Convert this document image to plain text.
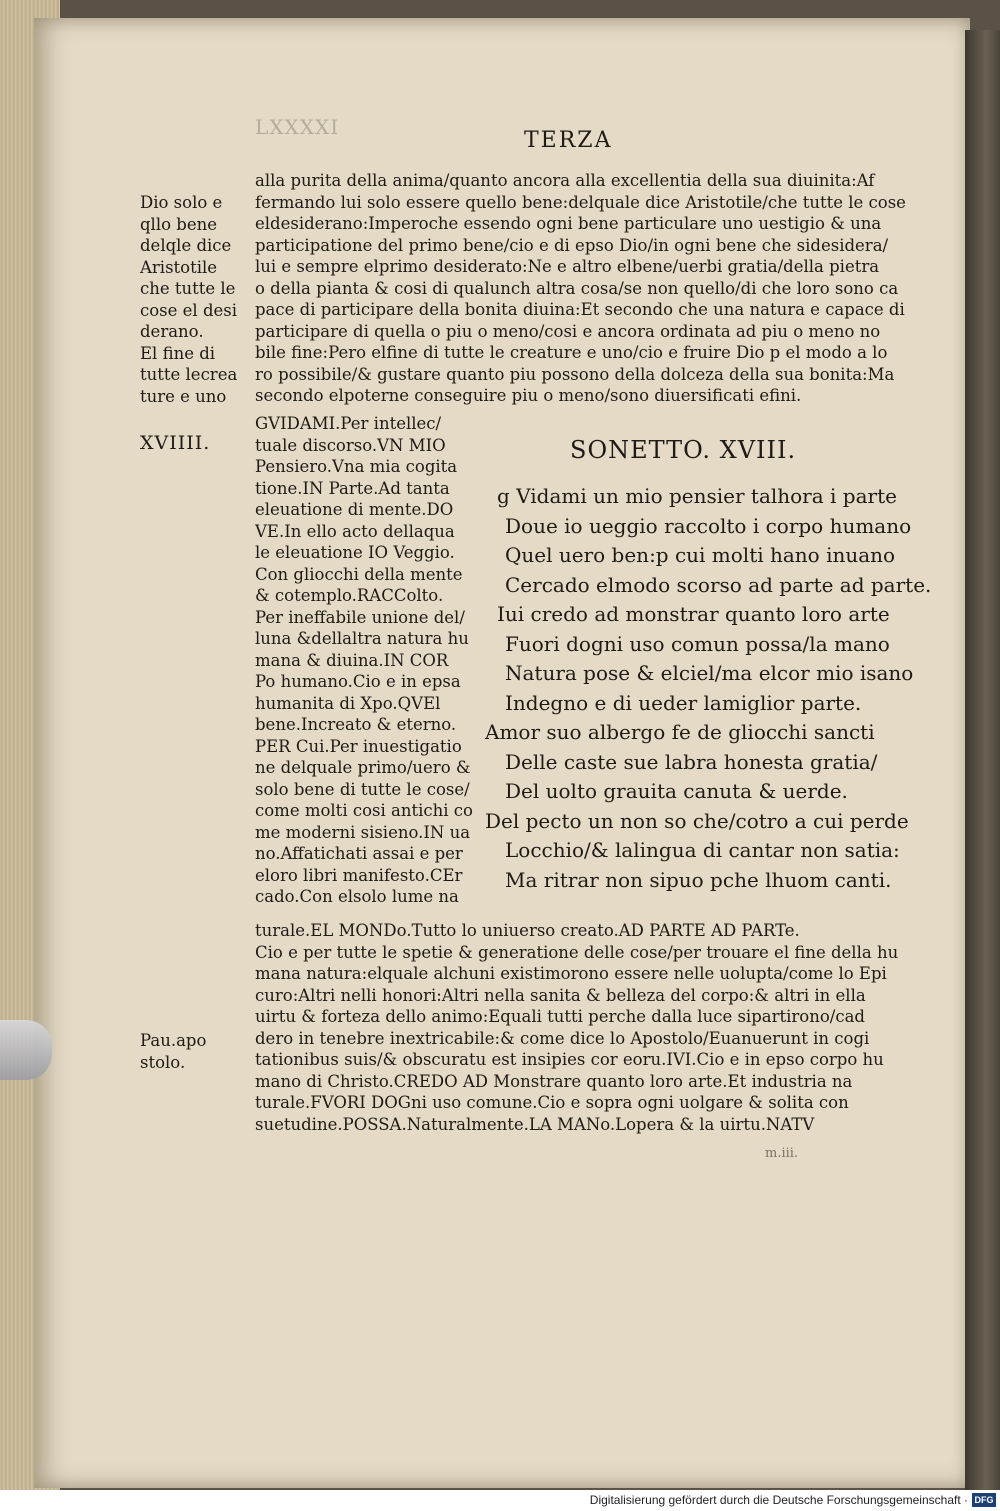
LXXXXI
TERZA
Dio solo e
qllo bene
delqle dice
Aristotile
che tutte le
cose el desi
derano.
El fine di
tutte lecrea
ture e uno
alla purita della anima/quanto ancora alla excellentia della sua diuinita:Af
fermando lui solo essere quello bene:delquale dice Aristotile/che tutte le cose
eldesiderano:Imperoche essendo ogni bene particulare uno uestigio & una
participatione del primo bene/cio e di epso Dio/in ogni bene che sidesidera/
lui e sempre elprimo desiderato:Ne e altro elbene/uerbi gratia/della pietra
o della pianta & cosi di qualunch altra cosa/se non quello/di che loro sono ca
pace di participare della bonita diuina:Et secondo che una natura e capace di
participare di quella o piu o meno/cosi e ancora ordinata ad piu o meno no
bile fine:Pero elfine di tutte le creature e uno/cio e fruire Dio p el modo a lo
ro possibile/& gustare quanto piu possono della dolceza della sua bonita:Ma
secondo elpoterne conseguire piu o meno/sono diuersificati efini.
XVIIII.
GVIDAMI.Per intellec/
tuale discorso.VN MIO
Pensiero.Vna mia cogita
tione.IN Parte.Ad tanta
eleuatione di mente.DO
VE.In ello acto dellaqua
le eleuatione IO Veggio.
Con gliocchi della mente
& cotemplo.RACColto.
Per ineffabile unione del/
luna &dellaltra natura hu
mana & diuina.IN COR
Po humano.Cio e in epsa
humanita di Xpo.QVEl
bene.Increato & eterno.
PER Cui.Per inuestigatio
ne delquale primo/uero &
solo bene di tutte le cose/
come molti cosi antichi co
me moderni sisieno.IN ua
no.Affatichati assai e per
eloro libri manifesto.CEr
cado.Con elsolo lume na
SONETTO. XVIII.
g Vidami un mio pensier talhora i parte
Doue io ueggio raccolto i corpo humano
Quel uero ben:p cui molti hano inuano
Cercado elmodo scorso ad parte ad parte.
Iui credo ad monstrar quanto loro arte
Fuori dogni uso comun possa/la mano
Natura pose & elciel/ma elcor mio isano
Indegno e di ueder lamiglior parte.
Amor suo albergo fe de gliocchi sancti
Delle caste sue labra honesta gratia/
Del uolto grauita canuta & uerde.
Del pecto un non so che/cotro a cui perde
Locchio/& lalingua di cantar non satia:
Ma ritrar non sipuo pche lhuom canti.
turale.EL MONDo.Tutto lo uniuerso creato.AD PARTE AD PARTe.
Cio e per tutte le spetie & generatione delle cose/per trouare el fine della hu
mana natura:elquale alchuni existimorono essere nelle uolupta/come lo Epi
curo:Altri nelli honori:Altri nella sanita & belleza del corpo:& altri in ella
uirtu & forteza dello animo:Equali tutti perche dalla luce sipartirono/cad
dero in tenebre inextricabile:& come dice lo Apostolo/Euanuerunt in cogi
tationibus suis/& obscuratu est insipies cor eoru.IVI.Cio e in epso corpo hu
mano di Christo.CREDO AD Monstrare quanto loro arte.Et industria na
turale.FVORI DOGni uso comune.Cio e sopra ogni uolgare & solita con
suetudine.POSSA.Naturalmente.LA MANo.Lopera & la uirtu.NATV
Pau.apo
stolo.
m.iii.
Digitalisierung gefördert durch die Deutsche Forschungsgemeinschaft · DFG
